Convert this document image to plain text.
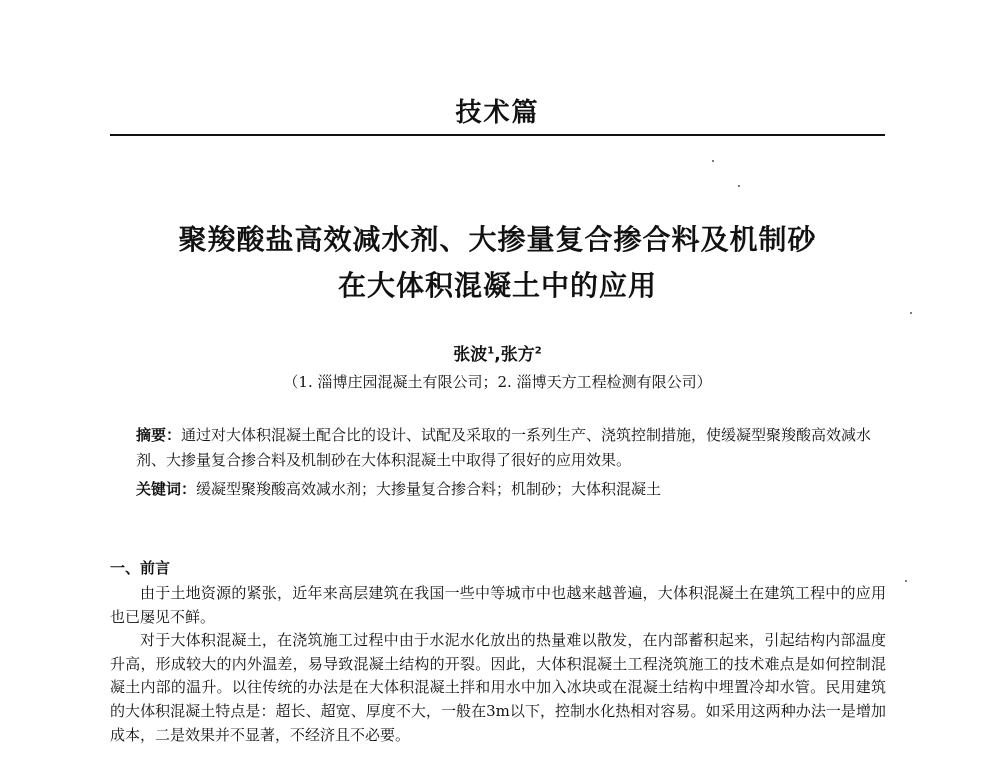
技术篇
聚羧酸盐高效减水剂、大掺量复合掺合料及机制砂
在大体积混凝土中的应用
张波$^1$,张方$^2$
（1. 淄博庄园混凝土有限公司；2. 淄博天方工程检测有限公司）
摘要：通过对大体积混凝土配合比的设计、试配及采取的一系列生产、浇筑控制措施，使缓凝型聚羧酸高效减水剂、大掺量复合掺合料及机制砂在大体积混凝土中取得了很好的应用效果。
关键词：缓凝型聚羧酸高效减水剂；大掺量复合掺合料；机制砂；大体积混凝土
一、前言

由于土地资源的紧张，近年来高层建筑在我国一些中等城市中也越来越普遍，大体积混凝土在建筑工程中的应用也已屡见不鲜。

对于大体积混凝土，在浇筑施工过程中由于水泥水化放出的热量难以散发，在内部蓄积起来，引起结构内部温度升高，形成较大的内外温差，易导致混凝土结构的开裂。因此，大体积混凝土工程浇筑施工的技术难点是如何控制混凝土内部的温升。以往传统的办法是在大体积混凝土拌和用水中加入冰块或在混凝土结构中埋置冷却水管。民用建筑的大体积混凝土特点是：超长、超宽、厚度不大，一般在3m以下，控制水化热相对容易。如采用这两种办法一是增加成本，二是效果并不显著，不经济且不必要。
